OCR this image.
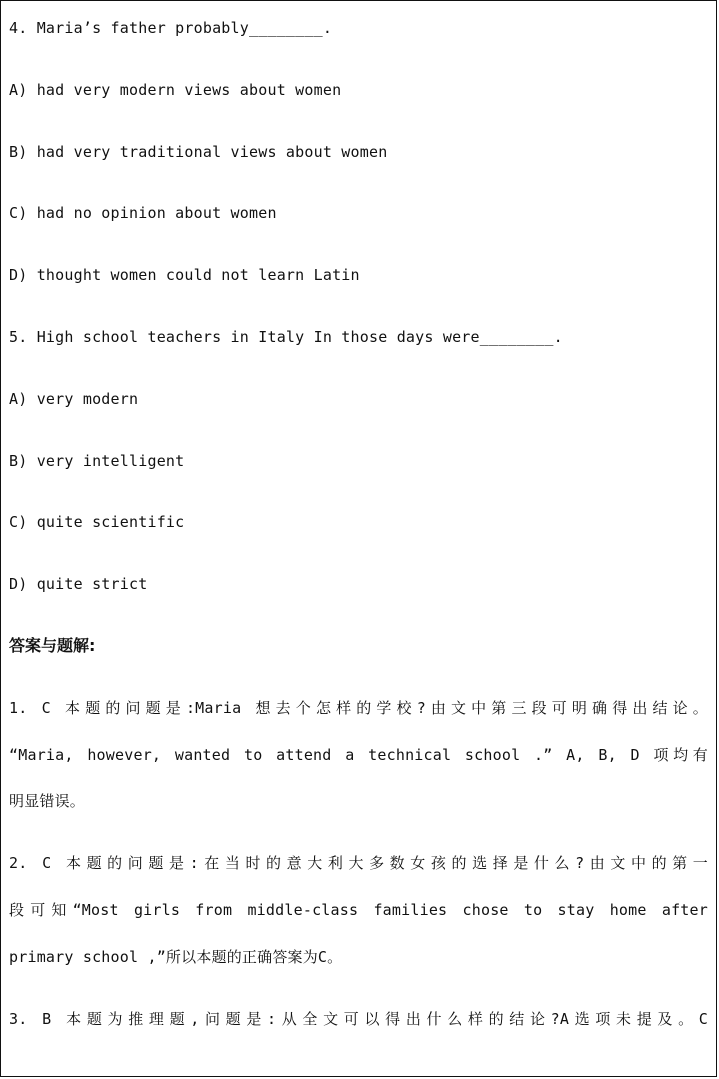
4. Maria’s father probably________.
A) had very modern views about women
B) had very traditional views about women
C) had no opinion about women
D) thought women could not learn Latin
5. High school teachers in Italy In those days were________.
A) very modern
B) very intelligent
C) quite scientific
D) quite strict
答案与题解:
1. C 本题的问题是:Maria 想去个怎样的学校?由文中第三段可明确得出结论。
“Maria, however, wanted to attend a technical school .” A, B, D 项均有
明显错误。
2. C 本题的问题是:在当时的意大利大多数女孩的选择是什么?由文中的第一
段可知“Most girls from middle-class families chose to stay home after
primary school ,”所以本题的正确答案为C。
3. B 本题为推理题,问题是:从全文可以得出什么样的结论?A选项未提及。C
